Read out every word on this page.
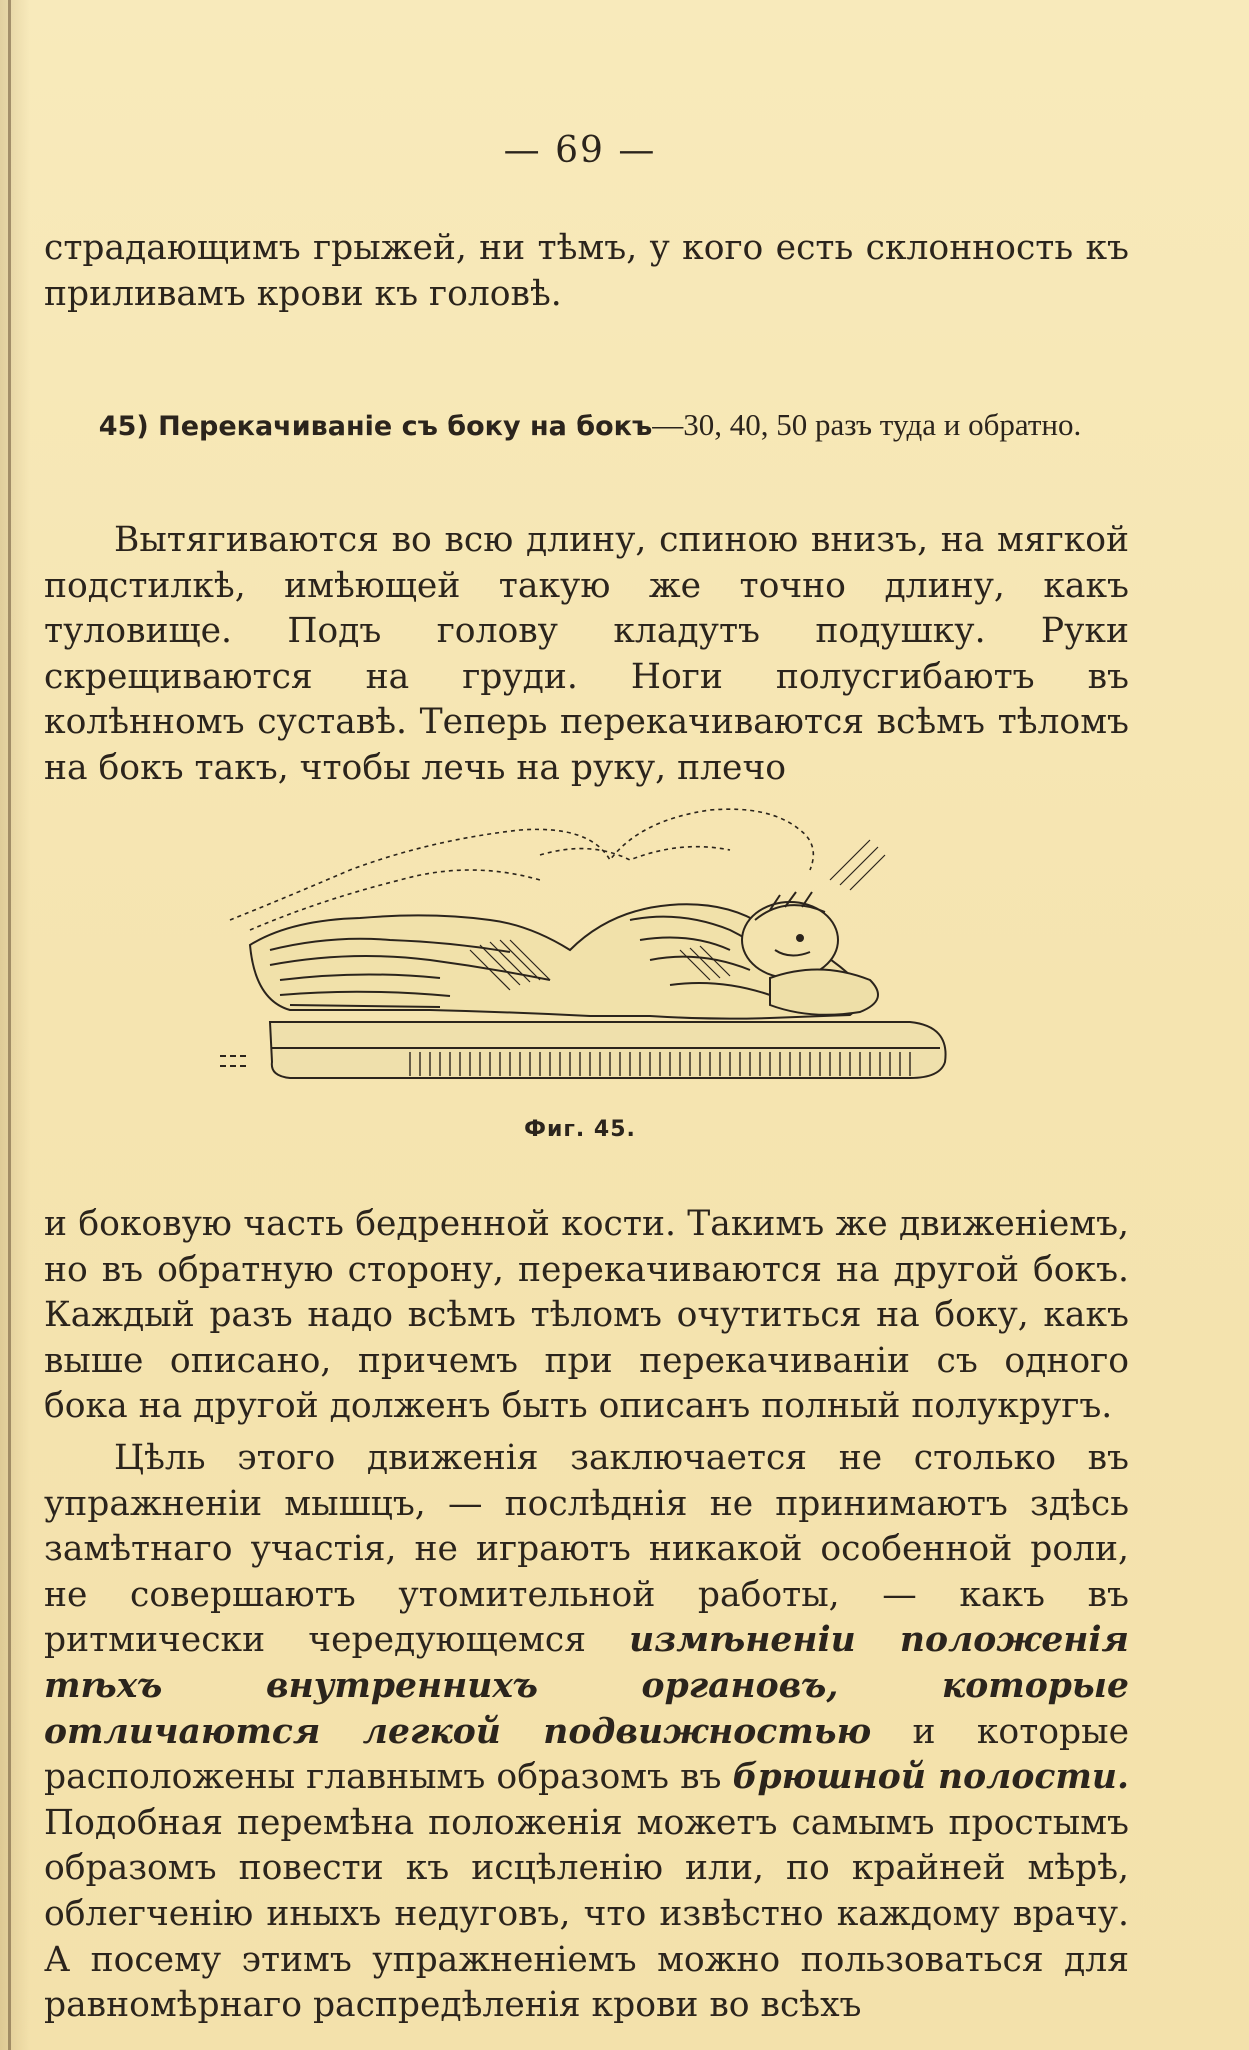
— 69 —

страдающимъ грыжей, ни тѣмъ, у кого есть склонность къ приливамъ крови къ головѣ.

45) Перекачиваніе съ боку на бокъ—30, 40, 50 разъ туда и обратно.

Вытягиваются во всю длину, спиною внизъ, на мягкой подстилкѣ, имѣющей такую же точно длину, какъ туловище. Подъ голову кладутъ подушку. Руки скрещиваются на груди. Ноги полусгибаютъ въ колѣнномъ суставѣ. Теперь перекачиваются всѣмъ тѣломъ на бокъ такъ, чтобы лечь на руку, плечо

Фиг. 45.

и боковую часть бедренной кости. Такимъ же движеніемъ, но въ обратную сторону, перекачиваются на другой бокъ. Каждый разъ надо всѣмъ тѣломъ очутиться на боку, какъ выше описано, причемъ при перекачиваніи съ одного бока на другой долженъ быть описанъ полный полукругъ.

Цѣль этого движенія заключается не столько въ упражненіи мышцъ, — послѣднія не принимаютъ здѣсь замѣтнаго участія, не играютъ никакой особенной роли, не совершаютъ утомительной работы, — какъ въ ритмически чередующемся измѣненіи положенія тѣхъ внутреннихъ органовъ, которые отличаются легкой подвижностью и которые расположены главнымъ образомъ въ брюшной полости. Подобная перемѣна положенія можетъ самымъ простымъ образомъ повести къ исцѣленію или, по крайней мѣрѣ, облегченію иныхъ недуговъ, что извѣстно каждому врачу. А посему этимъ упражненіемъ можно пользоваться для равномѣрнаго распредѣленія крови во всѣхъ
